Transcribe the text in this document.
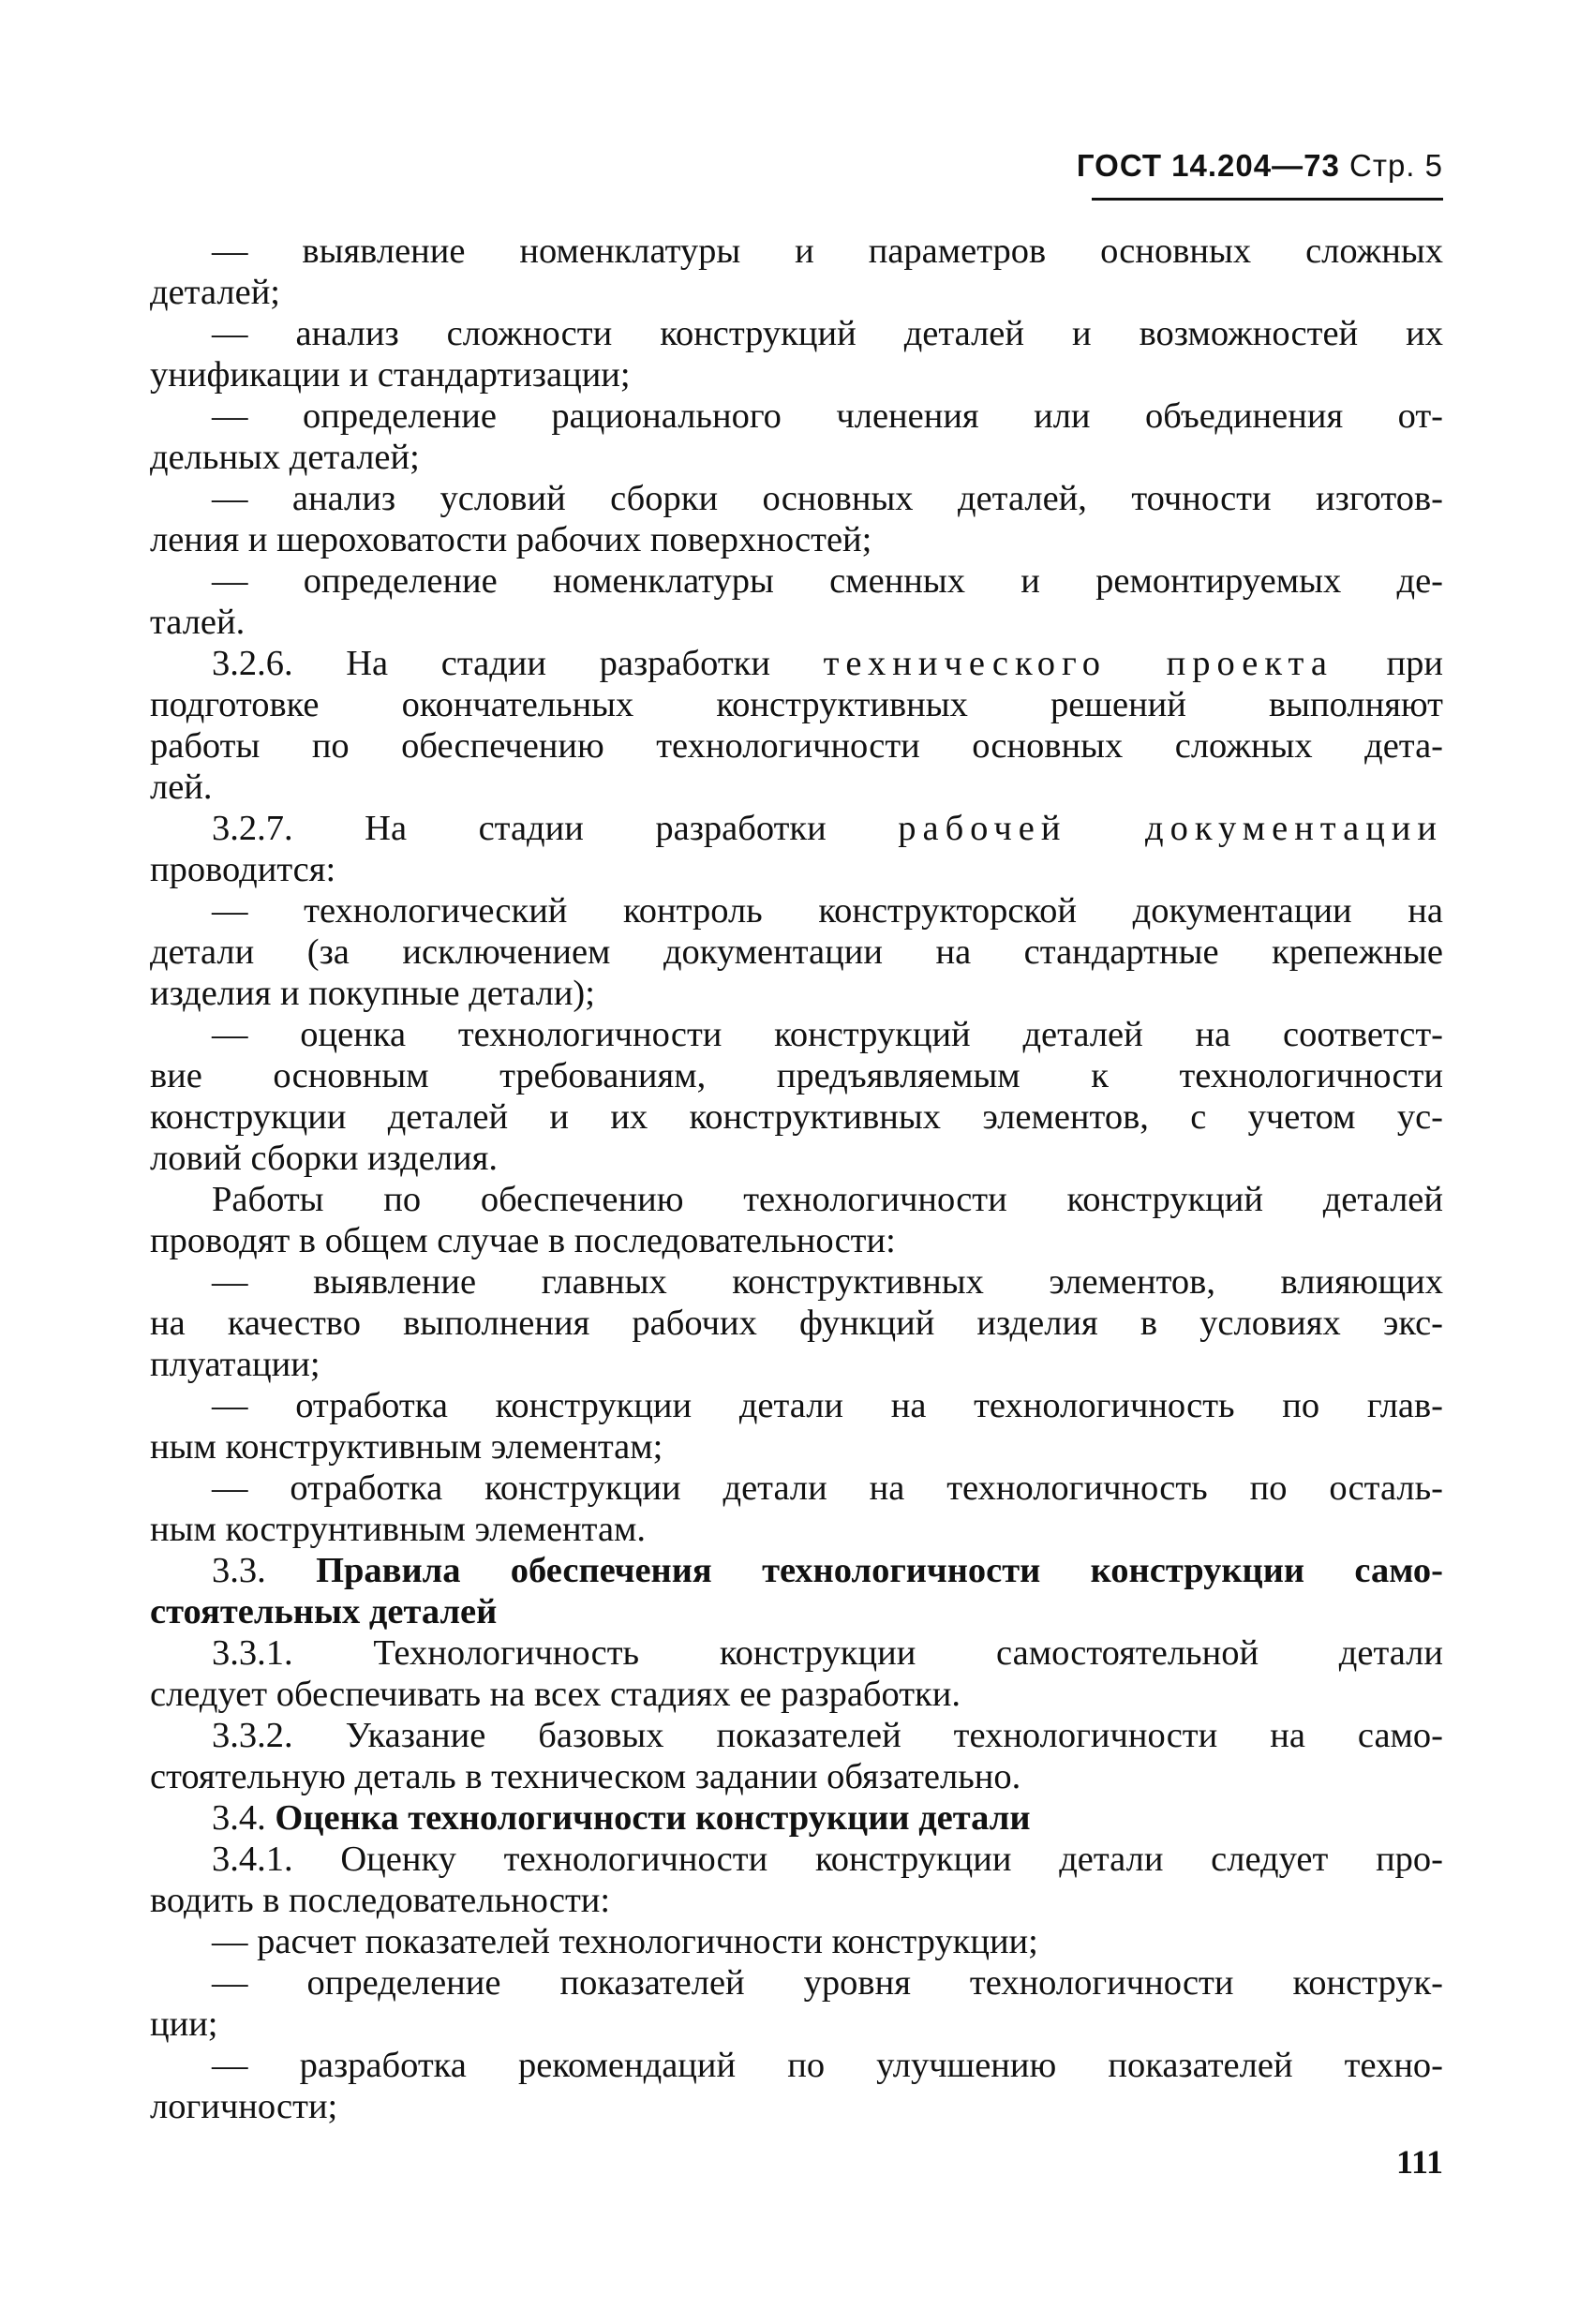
ГОСТ 14.204—73 Стр. 5
— выявление номенклатуры и параметров основных сложных
деталей;
— анализ сложности конструкций деталей и возможностей их
унификации и стандартизации;
— определение рационального членения или объединения от-
дельных деталей;
— анализ условий сборки основных деталей, точности изготов-
ления и шероховатости рабочих поверхностей;
— определение номенклатуры сменных и ремонтируемых де-
талей.
3.2.6. На стадии разработки технического проекта при
подготовке окончательных конструктивных решений выполняют
работы по обеспечению технологичности основных сложных дета-
лей.
3.2.7. На стадии разработки рабочей документации
проводится:
— технологический контроль конструкторской документации на
детали (за исключением документации на стандартные крепежные
изделия и покупные детали);
— оценка технологичности конструкций деталей на соответст-
вие основным требованиям, предъявляемым к технологичности
конструкции деталей и их конструктивных элементов, с учетом ус-
ловий сборки изделия.
Работы по обеспечению технологичности конструкций деталей
проводят в общем случае в последовательности:
— выявление главных конструктивных элементов, влияющих
на качество выполнения рабочих функций изделия в условиях экс-
плуатации;
— отработка конструкции детали на технологичность по глав-
ным конструктивным элементам;
— отработка конструкции детали на технологичность по осталь-
ным кострунтивным элементам.
3.3. Правила обеспечения технологичности конструкции само-
стоятельных деталей
3.3.1. Технологичность конструкции самостоятельной детали
следует обеспечивать на всех стадиях ее разработки.
3.3.2. Указание базовых показателей технологичности на само-
стоятельную деталь в техническом задании обязательно.
3.4. Оценка технологичности конструкции детали
3.4.1. Оценку технологичности конструкции детали следует про-
водить в последовательности:
— расчет показателей технологичности конструкции;
— определение показателей уровня технологичности конструк-
ции;
— разработка рекомендаций по улучшению показателей техно-
логичности;
111
